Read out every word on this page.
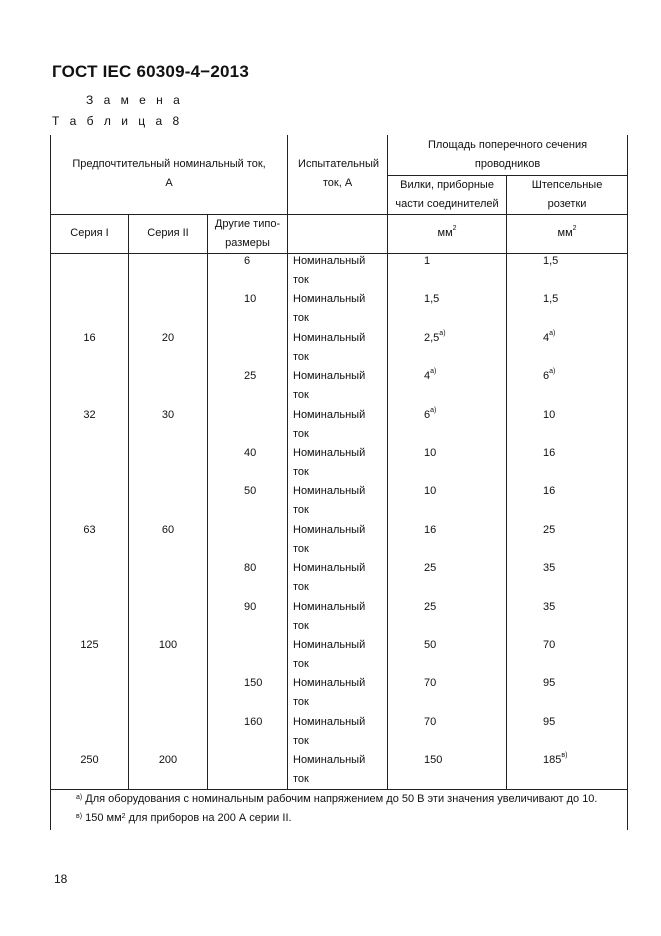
ГОСТ IEC 60309-4−2013
З а м е н а
Т а б л и ц а 8
Предпочтительный номинальный ток, А			Испытательный ток, А	Площадь поперечного сечения проводников	
				Вилки, приборные части соединителей	Штепсельные розетки
Серия I	Серия II	Другие типо-размеры		$мм^2$	$мм^2$
		6	Номинальный ток	1	1,5
		10	Номинальный ток	1,5	1,5
16	20		Номинальный ток	$2,5^{а)}$	$4^{а)}$
		25	Номинальный ток	$4^{а)}$	$6^{а)}$
32	30		Номинальный ток	$6^{а)}$	10
		40	Номинальный ток	10	16
		50	Номинальный ток	10	16
63	60		Номинальный ток	16	25
		80	Номинальный ток	25	35
		90	Номинальный ток	25	35
125	100		Номинальный ток	50	70
		150	Номинальный ток	70	95
		160	Номинальный ток	70	95
250	200		Номинальный ток	150	$185^{в)}$
$^{а)}$ Для оборудования с номинальным рабочим напряжением до 50 В эти значения увеличивают до 10.
$^{в)}$ 150 $мм^2$ для приборов на 200 А серии II.
18
